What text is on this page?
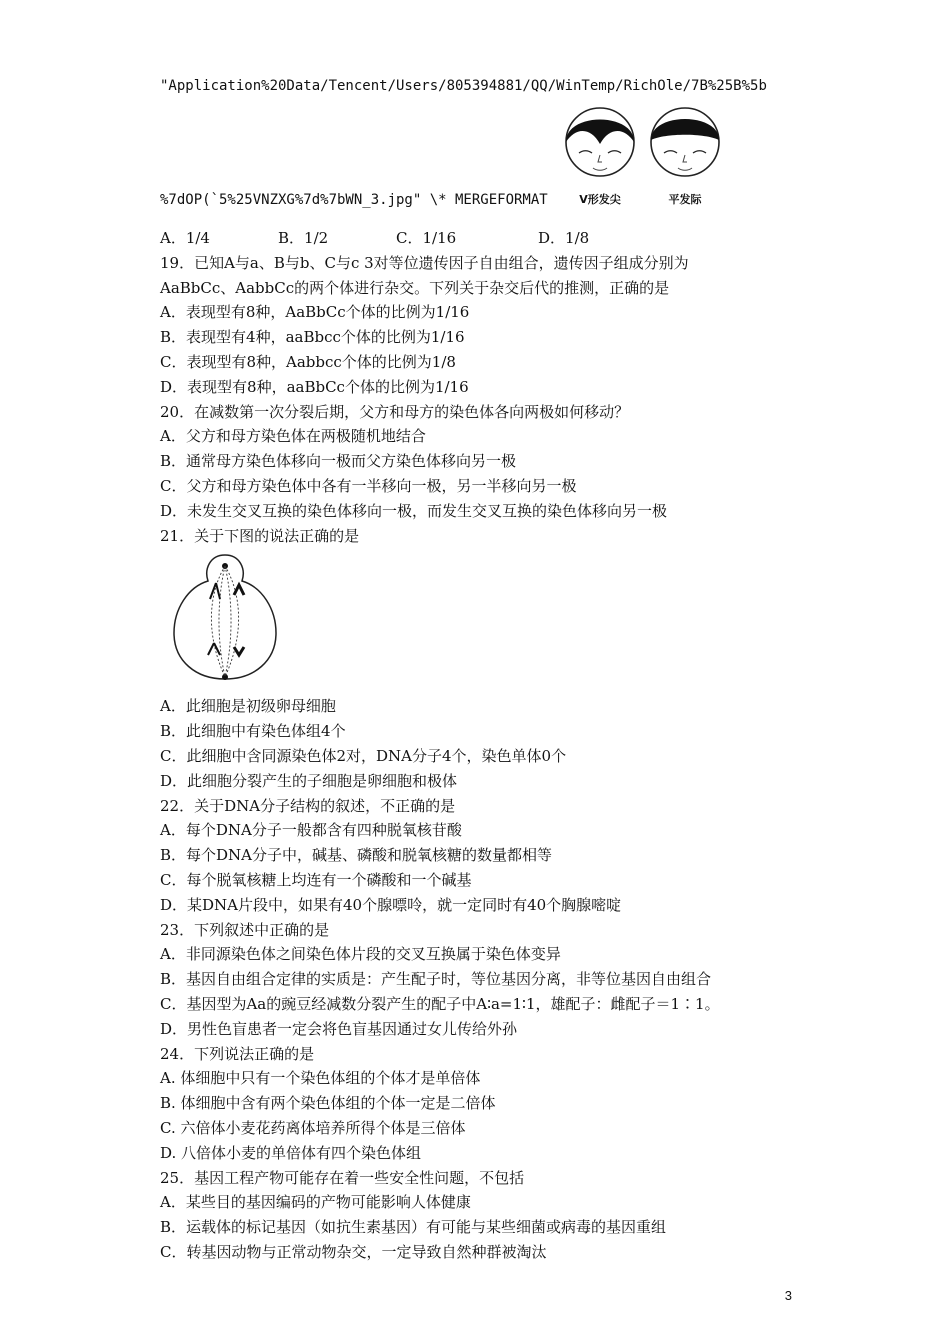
"Application%20Data/Tencent/Users/805394881/QQ/WinTemp/RichOle/7B%25B%5b
%7dOP(`5%25VNZXG%7d%7bWN_3.jpg" \* MERGEFORMAT	V形发尖	平发际
A．1/4	B．1/2	C．1/16	D．1/8
19．已知A与a、B与b、C与c 3对等位遗传因子自由组合，遗传因子组成分别为
AaBbCc、AabbCc的两个体进行杂交。下列关于杂交后代的推测，正确的是
A．表现型有8种，AaBbCc个体的比例为1/16
B．表现型有4种，aaBbcc个体的比例为1/16
C．表现型有8种，Aabbcc个体的比例为1/8
D．表现型有8种，aaBbCc个体的比例为1/16
20．在减数第一次分裂后期，父方和母方的染色体各向两极如何移动？
A．父方和母方染色体在两极随机地结合
B．通常母方染色体移向一极而父方染色体移向另一极
C．父方和母方染色体中各有一半移向一极，另一半移向另一极
D．未发生交叉互换的染色体移向一极，而发生交叉互换的染色体移向另一极
21．关于下图的说法正确的是
A．此细胞是初级卵母细胞
B．此细胞中有染色体组4个
C．此细胞中含同源染色体2对，DNA分子4个，染色单体0个
D．此细胞分裂产生的子细胞是卵细胞和极体
22．关于DNA分子结构的叙述，不正确的是
A．每个DNA分子一般都含有四种脱氧核苷酸
B．每个DNA分子中，碱基、磷酸和脱氧核糖的数量都相等
C．每个脱氧核糖上均连有一个磷酸和一个碱基
D．某DNA片段中，如果有40个腺嘌呤，就一定同时有40个胸腺嘧啶
23．下列叙述中正确的是
A．非同源染色体之间染色体片段的交叉互换属于染色体变异
B．基因自由组合定律的实质是：产生配子时，等位基因分离，非等位基因自由组合
C．基因型为Aa的豌豆经减数分裂产生的配子中A∶a=1∶1，雄配子：雌配子＝1∶1。
D．男性色盲患者一定会将色盲基因通过女儿传给外孙
24．下列说法正确的是
A. 体细胞中只有一个染色体组的个体才是单倍体
B. 体细胞中含有两个染色体组的个体一定是二倍体
C. 六倍体小麦花药离体培养所得个体是三倍体
D. 八倍体小麦的单倍体有四个染色体组
25．基因工程产物可能存在着一些安全性问题，不包括
A．某些目的基因编码的产物可能影响人体健康
B．运载体的标记基因（如抗生素基因）有可能与某些细菌或病毒的基因重组
C．转基因动物与正常动物杂交，一定导致自然种群被淘汰
3
